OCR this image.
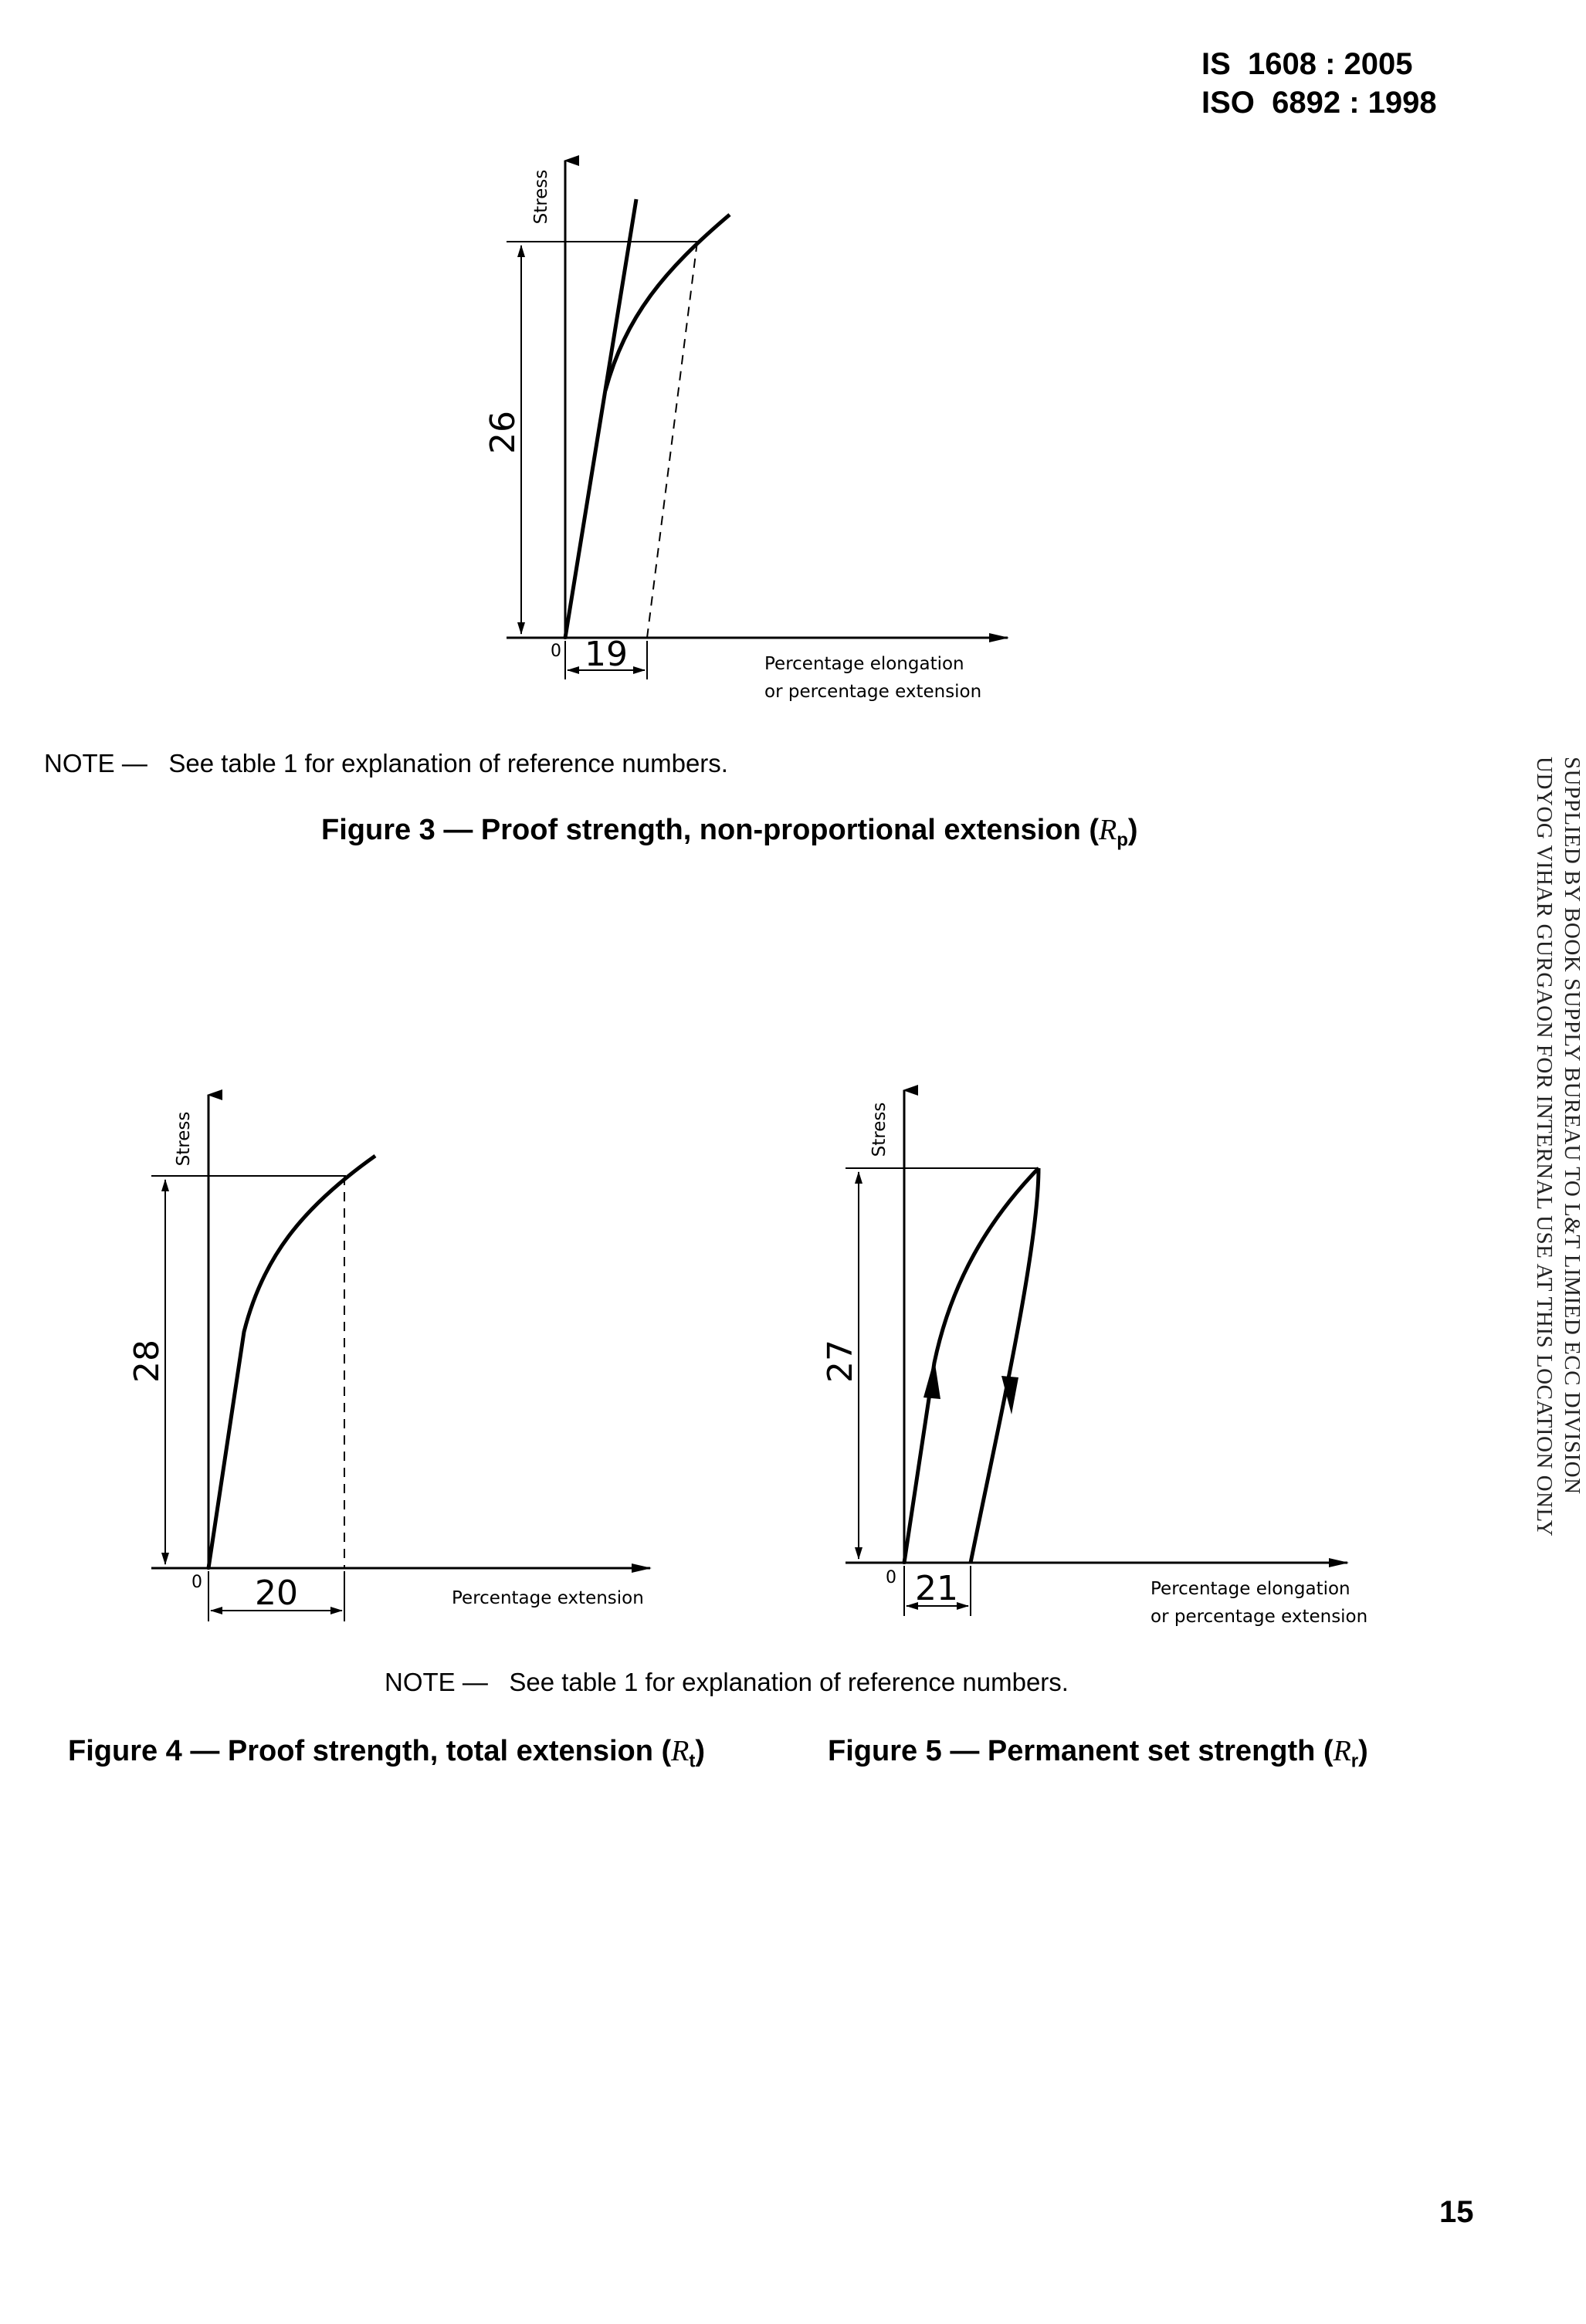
IS  1608 : 2005
ISO  6892 : 1998
26
19
0
Stress
Percentage elongation
or percentage extension
28
20
0
Stress
Percentage extension
27
21
0
Stress
Percentage elongation
or percentage extension
NOTE —   See table 1 for explanation of reference numbers.
Figure 3 — Proof strength, non-proportional extension $(R_p)$
NOTE —   See table 1 for explanation of reference numbers.
Figure 4 — Proof strength, total extension $(R_t)$	Figure 5 — Permanent set strength $(R_r)$
SUPPLIED BY BOOK SUPPLY BUREAU TO L&T LIMIED ECC DIVISION
UDYOG VIHAR GURGAON FOR INTERNAL USE AT THIS LOCATION ONLY
15
